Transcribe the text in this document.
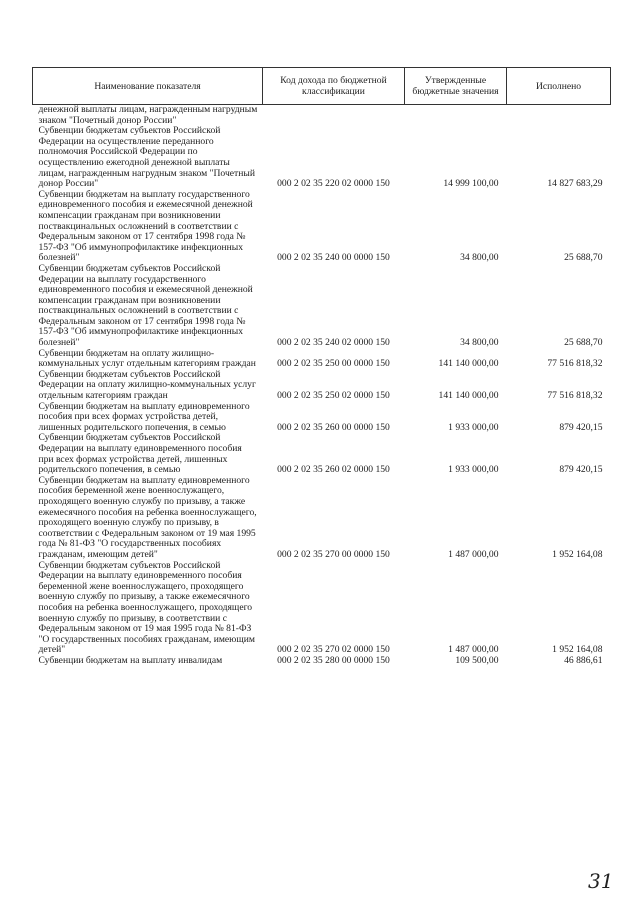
Наименование показателя	Код дохода по бюджетной классификации	Утвержденные бюджетные значения	Исполнено
денежной выплаты лицам, награжденным нагрудным знаком "Почетный донор России"			
Субвенции бюджетам субъектов Российской Федерации на осуществление переданного полномочия Российской Федерации по осуществлению ежегодной денежной выплаты лицам, награжденным нагрудным знаком "Почетный донор России"	000 2 02 35 220 02 0000 150	14 999 100,00	14 827 683,29
Субвенции бюджетам на выплату государственного единовременного пособия и ежемесячной денежной компенсации гражданам при возникновении поствакцинальных осложнений в соответствии с Федеральным законом от 17 сентября 1998 года № 157-ФЗ "Об иммунопрофилактике инфекционных болезней"	000 2 02 35 240 00 0000 150	34 800,00	25 688,70
Субвенции бюджетам субъектов Российской Федерации на выплату государственного единовременного пособия и ежемесячной денежной компенсации гражданам при возникновении поствакцинальных осложнений в соответствии с Федеральным законом от 17 сентября 1998 года № 157-ФЗ "Об иммунопрофилактике инфекционных болезней"	000 2 02 35 240 02 0000 150	34 800,00	25 688,70
Субвенции бюджетам на оплату жилищно-коммунальных услуг отдельным категориям граждан	000 2 02 35 250 00 0000 150	141 140 000,00	77 516 818,32
Субвенции бюджетам субъектов Российской Федерации на оплату жилищно-коммунальных услуг отдельным категориям граждан	000 2 02 35 250 02 0000 150	141 140 000,00	77 516 818,32
Субвенции бюджетам на выплату единовременного пособия при всех формах устройства детей, лишенных родительского попечения, в семью	000 2 02 35 260 00 0000 150	1 933 000,00	879 420,15
Субвенции бюджетам субъектов Российской Федерации на выплату единовременного пособия при всех формах устройства детей, лишенных родительского попечения, в семью	000 2 02 35 260 02 0000 150	1 933 000,00	879 420,15
Субвенции бюджетам на выплату единовременного пособия беременной жене военнослужащего, проходящего военную службу по призыву, а также ежемесячного пособия на ребенка военнослужащего, проходящего военную службу по призыву, в соответствии с Федеральным законом от 19 мая 1995 года № 81-ФЗ "О государственных пособиях гражданам, имеющим детей"	000 2 02 35 270 00 0000 150	1 487 000,00	1 952 164,08
Субвенции бюджетам субъектов Российской Федерации на выплату единовременного пособия беременной жене военнослужащего, проходящего военную службу по призыву, а также ежемесячного пособия на ребенка военнослужащего, проходящего военную службу по призыву, в соответствии с Федеральным законом от 19 мая 1995 года № 81-ФЗ "О государственных пособиях гражданам, имеющим детей"	000 2 02 35 270 02 0000 150	1 487 000,00	1 952 164,08
Субвенции бюджетам на выплату инвалидам	000 2 02 35 280 00 0000 150	109 500,00	46 886,61
31
